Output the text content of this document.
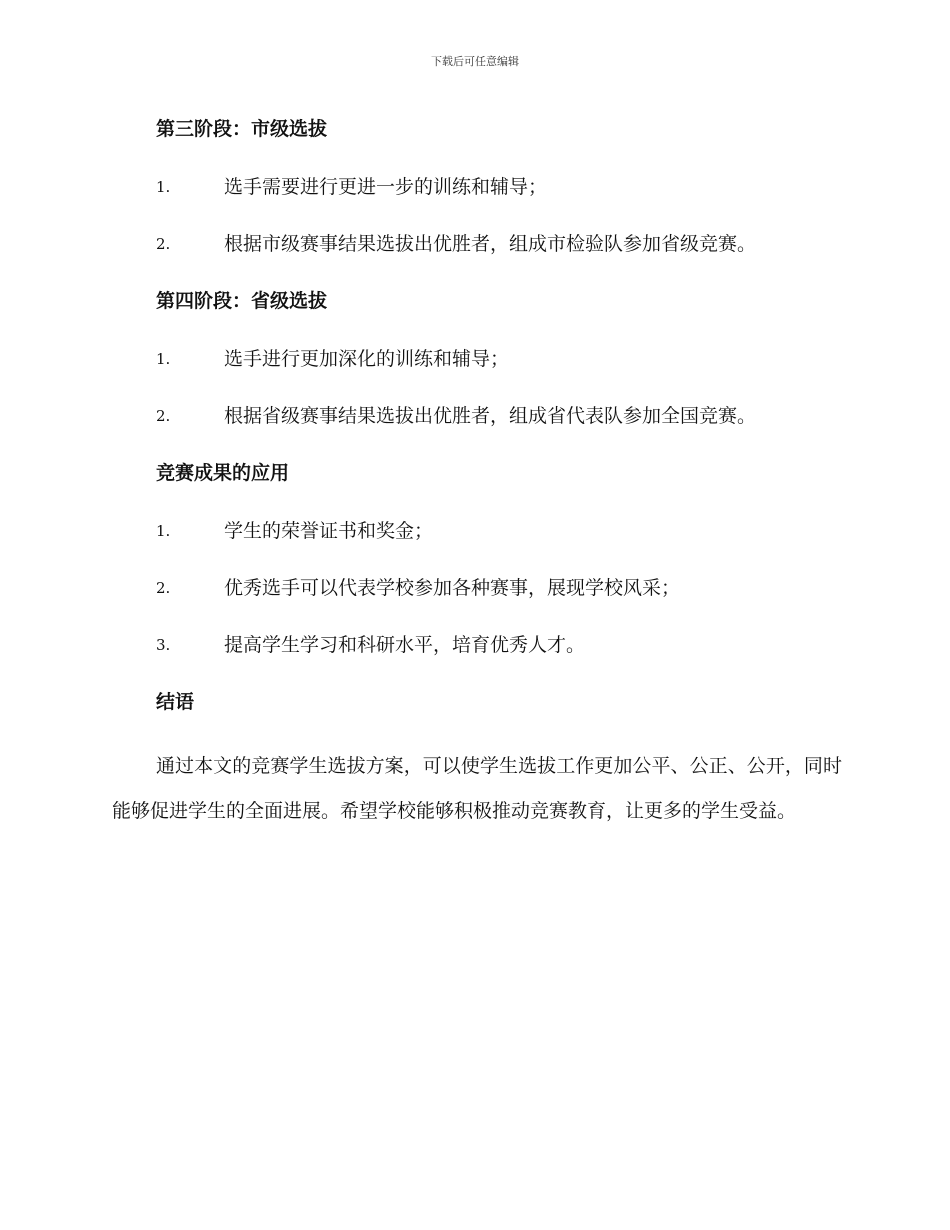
下载后可任意编辑
第三阶段：市级选拔
1.	选手需要进行更进一步的训练和辅导；
2.	根据市级赛事结果选拔出优胜者，组成市检验队参加省级竞赛。
第四阶段：省级选拔
1.	选手进行更加深化的训练和辅导；
2.	根据省级赛事结果选拔出优胜者，组成省代表队参加全国竞赛。
竞赛成果的应用
1.	学生的荣誉证书和奖金；
2.	优秀选手可以代表学校参加各种赛事，展现学校风采；
3.	提高学生学习和科研水平，培育优秀人才。
结语

通过本文的竞赛学生选拔方案，可以使学生选拔工作更加公平、公正、公开，同时能够促进学生的全面进展。希望学校能够积极推动竞赛教育，让更多的学生受益。
